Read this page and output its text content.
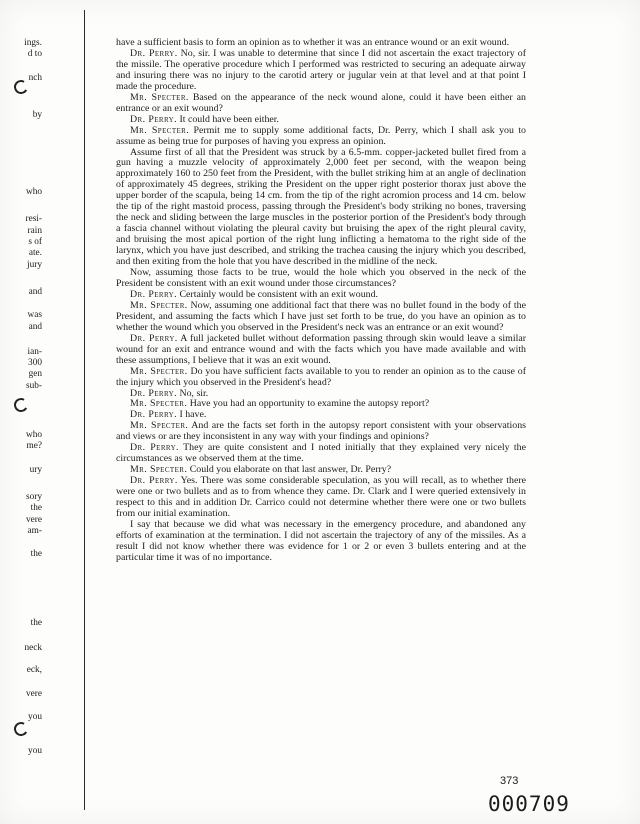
ings.
d to
nch
by
who
resi-
rain
s of
ate.
jury
and
was
and
ian-
300
gen
sub-
who
me?
ury
sory
the
vere
am-
the
the
neck
eck,
vere
you
you

have a sufficient basis to form an opinion as to whether it was an entrance wound or an exit wound.

Dr. Perry. No, sir. I was unable to determine that since I did not ascertain the exact trajectory of the missile. The operative procedure which I performed was restricted to securing an adequate airway and insuring there was no injury to the carotid artery or jugular vein at that level and at that point I made the procedure.

Mr. Specter. Based on the appearance of the neck wound alone, could it have been either an entrance or an exit wound?

Dr. Perry. It could have been either.

Mr. Specter. Permit me to supply some additional facts, Dr. Perry, which I shall ask you to assume as being true for purposes of having you express an opinion.

Assume first of all that the President was struck by a 6.5-mm. copper-jacketed bullet fired from a gun having a muzzle velocity of approximately 2,000 feet per second, with the weapon being approximately 160 to 250 feet from the President, with the bullet striking him at an angle of declination of approximately 45 degrees, striking the President on the upper right posterior thorax just above the upper border of the scapula, being 14 cm. from the tip of the right acromion process and 14 cm. below the tip of the right mastoid process, passing through the President's body striking no bones, traversing the neck and sliding between the large muscles in the posterior portion of the President's body through a fascia channel without violating the pleural cavity but bruising the apex of the right pleural cavity, and bruising the most apical portion of the right lung inflicting a hematoma to the right side of the larynx, which you have just described, and striking the trachea causing the injury which you described, and then exiting from the hole that you have described in the midline of the neck.

Now, assuming those facts to be true, would the hole which you observed in the neck of the President be consistent with an exit wound under those circumstances?

Dr. Perry. Certainly would be consistent with an exit wound.

Mr. Specter. Now, assuming one additional fact that there was no bullet found in the body of the President, and assuming the facts which I have just set forth to be true, do you have an opinion as to whether the wound which you observed in the President's neck was an entrance or an exit wound?

Dr. Perry. A full jacketed bullet without deformation passing through skin would leave a similar wound for an exit and entrance wound and with the facts which you have made available and with these assumptions, I believe that it was an exit wound.

Mr. Specter. Do you have sufficient facts available to you to render an opinion as to the cause of the injury which you observed in the President's head?

Dr. Perry. No, sir.

Mr. Specter. Have you had an opportunity to examine the autopsy report?

Dr. Perry. I have.

Mr. Specter. And are the facts set forth in the autopsy report consistent with your observations and views or are they inconsistent in any way with your findings and opinions?

Dr. Perry. They are quite consistent and I noted initially that they explained very nicely the circumstances as we observed them at the time.

Mr. Specter. Could you elaborate on that last answer, Dr. Perry?

Dr. Perry. Yes. There was some considerable speculation, as you will recall, as to whether there were one or two bullets and as to from whence they came. Dr. Clark and I were queried extensively in respect to this and in addition Dr. Carrico could not determine whether there were one or two bullets from our initial examination.

I say that because we did what was necessary in the emergency procedure, and abandoned any efforts of examination at the termination. I did not ascertain the trajectory of any of the missiles. As a result I did not know whether there was evidence for 1 or 2 or even 3 bullets entering and at the particular time it was of no importance.

373
000709
